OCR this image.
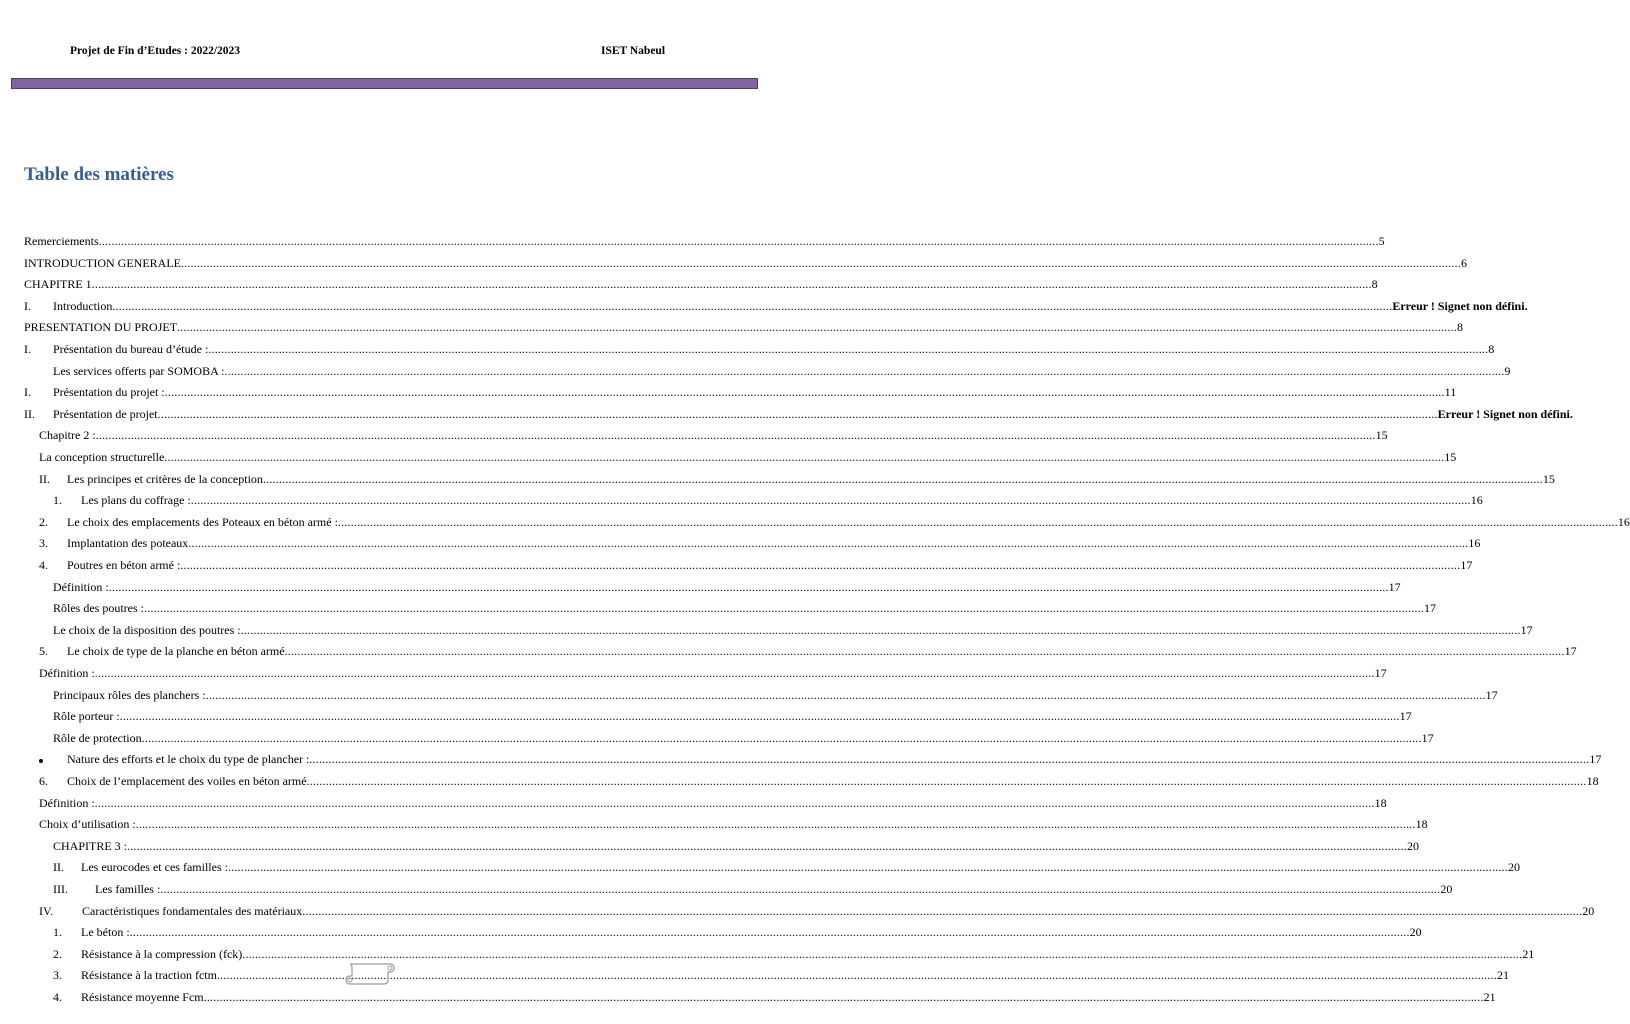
Projet de Fin d’Etudes : 2022/2023	ISET Nabeul
Table des matières
Remerciements ................................................................................................................................................................................................................................................................................................................................................................................................................ 5
INTRODUCTION GENERALE ................................................................................................................................................................................................................................................................................................................................................................................................................ 6
CHAPITRE 1 ................................................................................................................................................................................................................................................................................................................................................................................................................ 8
I.	Introduction ................................................................................................................................................................................................................................................................................................................................................................................................................ Erreur ! Signet non défini.
PRESENTATION DU PROJET ................................................................................................................................................................................................................................................................................................................................................................................................................ 8
I.	Présentation du bureau d’étude : ................................................................................................................................................................................................................................................................................................................................................................................................................ 8
Les services offerts par SOMOBA : ................................................................................................................................................................................................................................................................................................................................................................................................................ 9
I.	Présentation du projet : ................................................................................................................................................................................................................................................................................................................................................................................................................ 11
II.	Présentation de projet ................................................................................................................................................................................................................................................................................................................................................................................................................ Erreur ! Signet non défini.
Chapitre 2 : ................................................................................................................................................................................................................................................................................................................................................................................................................ 15
La conception structurelle ................................................................................................................................................................................................................................................................................................................................................................................................................ 15
II.	Les principes et critères de la conception ................................................................................................................................................................................................................................................................................................................................................................................................................ 15
1.	Les plans du coffrage : ................................................................................................................................................................................................................................................................................................................................................................................................................ 16
2.	Le choix des emplacements des Poteaux en béton armé : ................................................................................................................................................................................................................................................................................................................................................................................................................ 16
3.	Implantation des poteaux ................................................................................................................................................................................................................................................................................................................................................................................................................ 16
4.	Poutres en béton armé : ................................................................................................................................................................................................................................................................................................................................................................................................................ 17
Définition : ................................................................................................................................................................................................................................................................................................................................................................................................................ 17
Rôles des poutres : ................................................................................................................................................................................................................................................................................................................................................................................................................ 17
Le choix de la disposition des poutres : ................................................................................................................................................................................................................................................................................................................................................................................................................ 17
5.	Le choix de type de la planche en béton armé ................................................................................................................................................................................................................................................................................................................................................................................................................ 17
Définition : ................................................................................................................................................................................................................................................................................................................................................................................................................ 17
Principaux rôles des planchers : ................................................................................................................................................................................................................................................................................................................................................................................................................ 17
Rôle porteur : ................................................................................................................................................................................................................................................................................................................................................................................................................ 17
Rôle de protection ................................................................................................................................................................................................................................................................................................................................................................................................................ 17
Nature des efforts et le choix du type de plancher : ................................................................................................................................................................................................................................................................................................................................................................................................................ 17
6.	Choix de l’emplacement des voiles en béton armé ................................................................................................................................................................................................................................................................................................................................................................................................................ 18
Définition : ................................................................................................................................................................................................................................................................................................................................................................................................................ 18
Choix d’utilisation : ................................................................................................................................................................................................................................................................................................................................................................................................................ 18
CHAPITRE 3 : ................................................................................................................................................................................................................................................................................................................................................................................................................ 20
II.	Les eurocodes et ces familles : ................................................................................................................................................................................................................................................................................................................................................................................................................ 20
III.	Les familles : ................................................................................................................................................................................................................................................................................................................................................................................................................ 20
IV.	Caractéristiques fondamentales des matériaux ................................................................................................................................................................................................................................................................................................................................................................................................................ 20
1.	Le béton : ................................................................................................................................................................................................................................................................................................................................................................................................................ 20
2.	Résistance à la compression (fck) ................................................................................................................................................................................................................................................................................................................................................................................................................ 21
3.	Résistance à la traction fctm ................................................................................................................................................................................................................................................................................................................................................................................................................ 21
4.	Résistance moyenne Fcm ................................................................................................................................................................................................................................................................................................................................................................................................................ 21
